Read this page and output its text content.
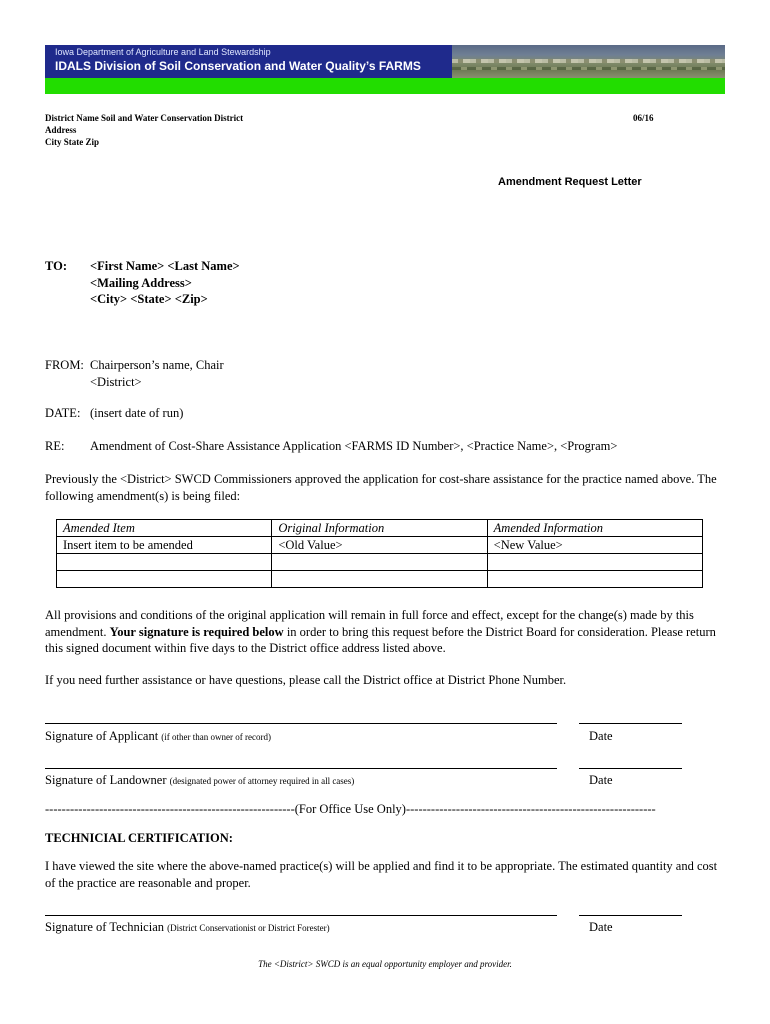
Iowa Department of Agriculture and Land Stewardship
IDALS Division of Soil Conservation and Water Quality’s FARMS
District Name Soil and Water Conservation District
Address
City State Zip
06/16
Amendment Request Letter
TO: <First Name> <Last Name>
<Mailing Address>
<City> <State> <Zip>
FROM: Chairperson’s name, Chair
<District>
DATE: (insert date of run)
RE: Amendment of Cost-Share Assistance Application <FARMS ID Number>, <Practice Name>, <Program>
Previously the <District> SWCD Commissioners approved the application for cost-share assistance for the practice named above. The following amendment(s) is being filed:
Amended Item	Original Information	Amended Information
Insert item to be amended	<Old Value>	<New Value>

All provisions and conditions of the original application will remain in full force and effect, except for the change(s) made by this amendment. Your signature is required below in order to bring this request before the District Board for consideration. Please return this signed document within five days to the District office address listed above.
If you need further assistance or have questions, please call the District office at District Phone Number.
Signature of Applicant (if other than owner of record)	Date
Signature of Landowner (designated power of attorney required in all cases)	Date
------------------------------------------------------------(For Office Use Only)------------------------------------------------------------
TECHNICIAL CERTIFICATION:
I have viewed the site where the above-named practice(s) will be applied and find it to be appropriate. The estimated quantity and cost of the practice are reasonable and proper.
Signature of Technician (District Conservationist or District Forester)	Date
The <District> SWCD is an equal opportunity employer and provider.
